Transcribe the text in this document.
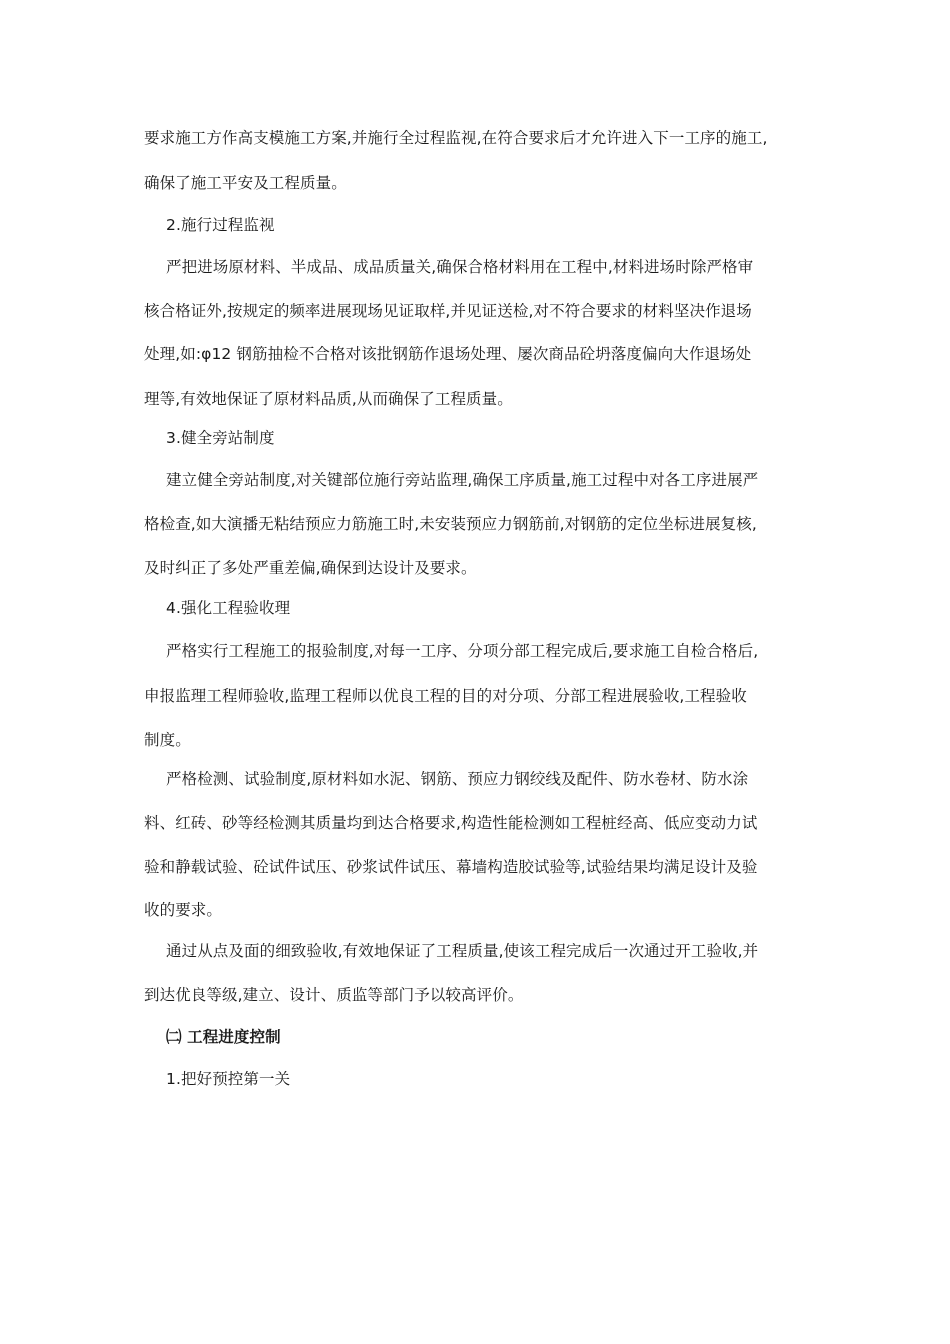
要求施工方作高支模施工方案,并施行全过程监视,在符合要求后才允许进入下一工序的施工,
确保了施工平安及工程质量。
2.施行过程监视
严把进场原材料、半成品、成品质量关,确保合格材料用在工程中,材料进场时除严格审
核合格证外,按规定的频率进展现场见证取样,并见证送检,对不符合要求的材料坚决作退场
处理,如:φ12 钢筋抽检不合格对该批钢筋作退场处理、屡次商品砼坍落度偏向大作退场处
理等,有效地保证了原材料品质,从而确保了工程质量。
3.健全旁站制度
建立健全旁站制度,对关键部位施行旁站监理,确保工序质量,施工过程中对各工序进展严
格检查,如大演播无粘结预应力筋施工时,未安装预应力钢筋前,对钢筋的定位坐标进展复核,
及时纠正了多处严重差偏,确保到达设计及要求。
4.强化工程验收理
严格实行工程施工的报验制度,对每一工序、分项分部工程完成后,要求施工自检合格后,
申报监理工程师验收,监理工程师以优良工程的目的对分项、分部工程进展验收,工程验收
制度。
严格检测、试验制度,原材料如水泥、钢筋、预应力钢绞线及配件、防水卷材、防水涂
料、红砖、砂等经检测其质量均到达合格要求,构造性能检测如工程桩经高、低应变动力试
验和静载试验、砼试件试压、砂浆试件试压、幕墙构造胶试验等,试验结果均满足设计及验
收的要求。
通过从点及面的细致验收,有效地保证了工程质量,使该工程完成后一次通过开工验收,并
到达优良等级,建立、设计、质监等部门予以较高评价。
㈡ 工程进度控制
1.把好预控第一关
